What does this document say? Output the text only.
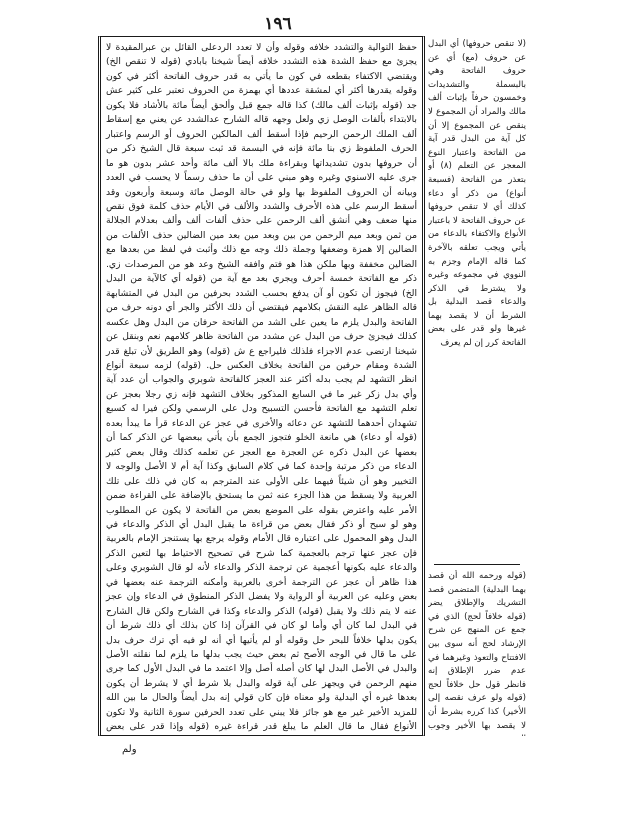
١٩٦

حفظ التوالية والتشدد خلافه وقوله وأن لا تعدد الردعلى القائل بن عبرالمقيدة لا يجزئ مع حفظ الشدة هذه التشدد خلافه أيضاً شيخنا بابادي (قوله لا تنقص الخ) ويقتضي الاكتفاء بقطعه في كون ما يأتي به قدر حروف الفاتحة أكثر في كون وقوله يقدرها أكثر أي لمشقة عددها أي بهمزة من الحروف تعتبر على كثير عش جد (قوله بإثبات ألف مالك) كذا قاله جمع قبل وألحق أيضاً مائة بالأشاد فلا يكون بالابتداء بألفات الوصل زي ولعل وجهه قاله الشارح عدالشدد عن يعني مع إسقاط ألف الملك الرحمن الرحيم فإذا أسقط ألف المالكين الحروف أو الرسم واعتبار الحرف الملفوظ زي بنا مائة فإنه في البسمة قد ثبت سبعة قال الشيخ ذكر من أن حروفها بدون تشديداتها وبقراءة ملك بالا ألف مائة وأحد عشر بدون هو ما جرى عليه الاسنوي وغيره وهو مبني على أن ما حذف رسماً لا يحسب في العدد وبيانه أن الحروف الملفوظ بها ولو في حالة الوصل مائة وسبعة وأربعون وقد أسقط الرسم على هذه الأحرف والشدد والألف في الأيام حذف كلمة فوق نقص منها ضعف وهي أنشق ألف الرحمن على حذف ألفات ألف وألف بعدلام الجلالة من ثمن وبعد ميم الرحمن من بين وبعد مين بعد مين الضالين حذف الألفات من الضالين إلا همزة وضعفها وجملة ذلك وجه مع ذلك وأثبت في لفظ من بعدها مع الضالين مخففة وبها ملكن هذا هو فتم وافقه الشيخ وعد هو من المرصدات زي. ذكر مع الفاتحة خمسة أحرف ويجري بعد مع آية من (قوله أي كالآية من البدل الخ) فيجوز أن تكون أو آن يدفع بحسب الشدد بحرفين من البدل في المتشابهة قاله الظاهر عليه النقش بكلامهم فيقتضي أن ذلك الأكثر والجر أي دونه حرف من الفاتحة والبدل يلزم ما يعين على الشد من الفاتحة حرفان من البدل وهل عكسه كذلك فيجزئ حرف من البدل عن مشدد من الفاتحة ظاهر كلامهم نعم وبنقل عن شيخنا ارتضى عدم الاجزاء فلذلك فليراجع ع ش (قوله) وهو الطريق لأن تبلغ قدر الشدة ومقام حرفين من الفاتحة بخلاف العكس حل. (قوله) لزمه سبعة أنواع انظر التشهد لم يجب بدله أكثر عند العجز كالفاتحة شوبري والجواب أن عدد آية وأي بدل زكر غير ما في السابع المذكور بخلاف التشهد فإنه زي رجلا بعجز عن تعلم التشهد مع الفاتحة فأحسن التسبيح ودل على الرسمي ولكن فيرا له كسبع تشهدان أحدهما للتشهد عن دعائه والأخرى في عجز عن الدعاء قرأ ما يبدأ بعده (قوله أو دعاء) هي مانعة الخلو فتجوز الجمع بأن يأتي ببعضها عن الذكر كما أن بعضها عن البدل ذكره عن العجزة مع العجز عن تعلمه كذلك وقال بعض كثير الدعاء من ذكر مرتبة وإحدة كما في كلام السابق وكذا آية أم لا الأصل والوجه لا التخيير وهو أن شيئاً فيهما على الأولى عند المترجم به كان في ذلك على تلك العربية ولا يسقط من هذا الجزء عنه ثمن ما يستحق بالإضافة على القراءة ضمن الأمر عليه واعترض بقوله على الموضع بعض من الفاتحة لا يكون عن المطلوب وهو لو سبح أو ذكر فقال بعض من قراءة ما يقبل البدل أي الذكر والدعاء في البدل وهو المحمول على اعتباره قال الأمام وقوله يرجع بها يستنجز الإمام بالعربية فإن عجز عنها ترجم بالعجمية كما شرح في تصحيح الاحتياط بها لتعين الذكر والدعاء عليه بكونها أعجمية عن ترجمة الذكر والدعاء لأنه لو قال الشوبري وعلى هذا ظاهر أن عجز عن الترجمة أخرى بالعربية وأمكنه الترجمة عنه بعضها في بعض وعليه عن العربية أو الرواية ولا يفضل الذكر المنطوق في الدعاء وإن عجز عنه لا يتم ذلك ولا يقبل (قوله) الذكر والدعاء وكذا في الشارح ولكن قال الشارح في البدل لما كان أي وأما لو كان في القرآن إذا كان بذلك أي ذلك شرط أن يكون بدلها خلافاً للبحر حل وقوله أو لم يأتيها أي أنه لو فيه أي ترك حرف بدل على ما قال في الوجه الأصح ثم بعض حيث يجب بدلها ما يلزم لما نقلته الأصل والبدل في الأصل البدل لها كان أصله أصل وإلا اعتمد ما في البدل الأول كما جرى منهم الرحمن في ويجهز على آية قوله والبدل بلا شرط أي لا يشرط أن يكون بعدها غيره أي البدلية ولو معناه فإن كان قولي إنه بدل أيضاً والحال ما بين الله للمزيد الأخير غير مع هو جائز فلا يبني على تعدد الحرفين سورة الثانية ولا تكون الأنواع فقال ما قال العلم ما يبلغ قدر قراءة غيره (قوله وإذا قدر على بعض

(لا تنقص حروفها) أي البدل عن حروف (مع) أي عن حروف الفاتحة وهي بالبسملة والتشديدات وخمسون حرفاً بإثبات ألف مالك والمراد أن المجموع لا ينقص عن المجموع إلا أن كل آية من البدل قدر آية من الفاتحة واعتبار النوع المعجز عن التعلم (٨) أو بتعذر من الفاتحة (فسبعة أنواع) من ذكر أو دعاء كذلك أي لا تنقص حروفها عن حروف الفاتحة لا باعتبار الأنواع والاكتفاء بالدعاء من يأتي ويجب تعلقه بالآخرة كما قاله الإمام وجزم به النووي في مجموعه وغيره ولا يشترط في الذكر والدعاء قصد البدلية بل الشرط أن لا يقصد بهما غيرها ولو قدر على بعض الفاتحة كرر إن لم يعرف

(قوله ورحمه الله أن قصد بهما البدلية) المتضمن قصد التشريك والإطلاق يضر (قوله خلافاً لحج) الذي في جمع عن المنهج عن شرح الإرشاد لحج أنه سوى بين الافتتاح والتعوذ وغيرهما في عدم ضرر الإطلاق إنه فانظر قول حل خلافاً لحج (قوله ولو عرف نقصه إلى الأخير) كذا كرره بشرط أن لا يقصد بها الأخير وجوب

ولم
